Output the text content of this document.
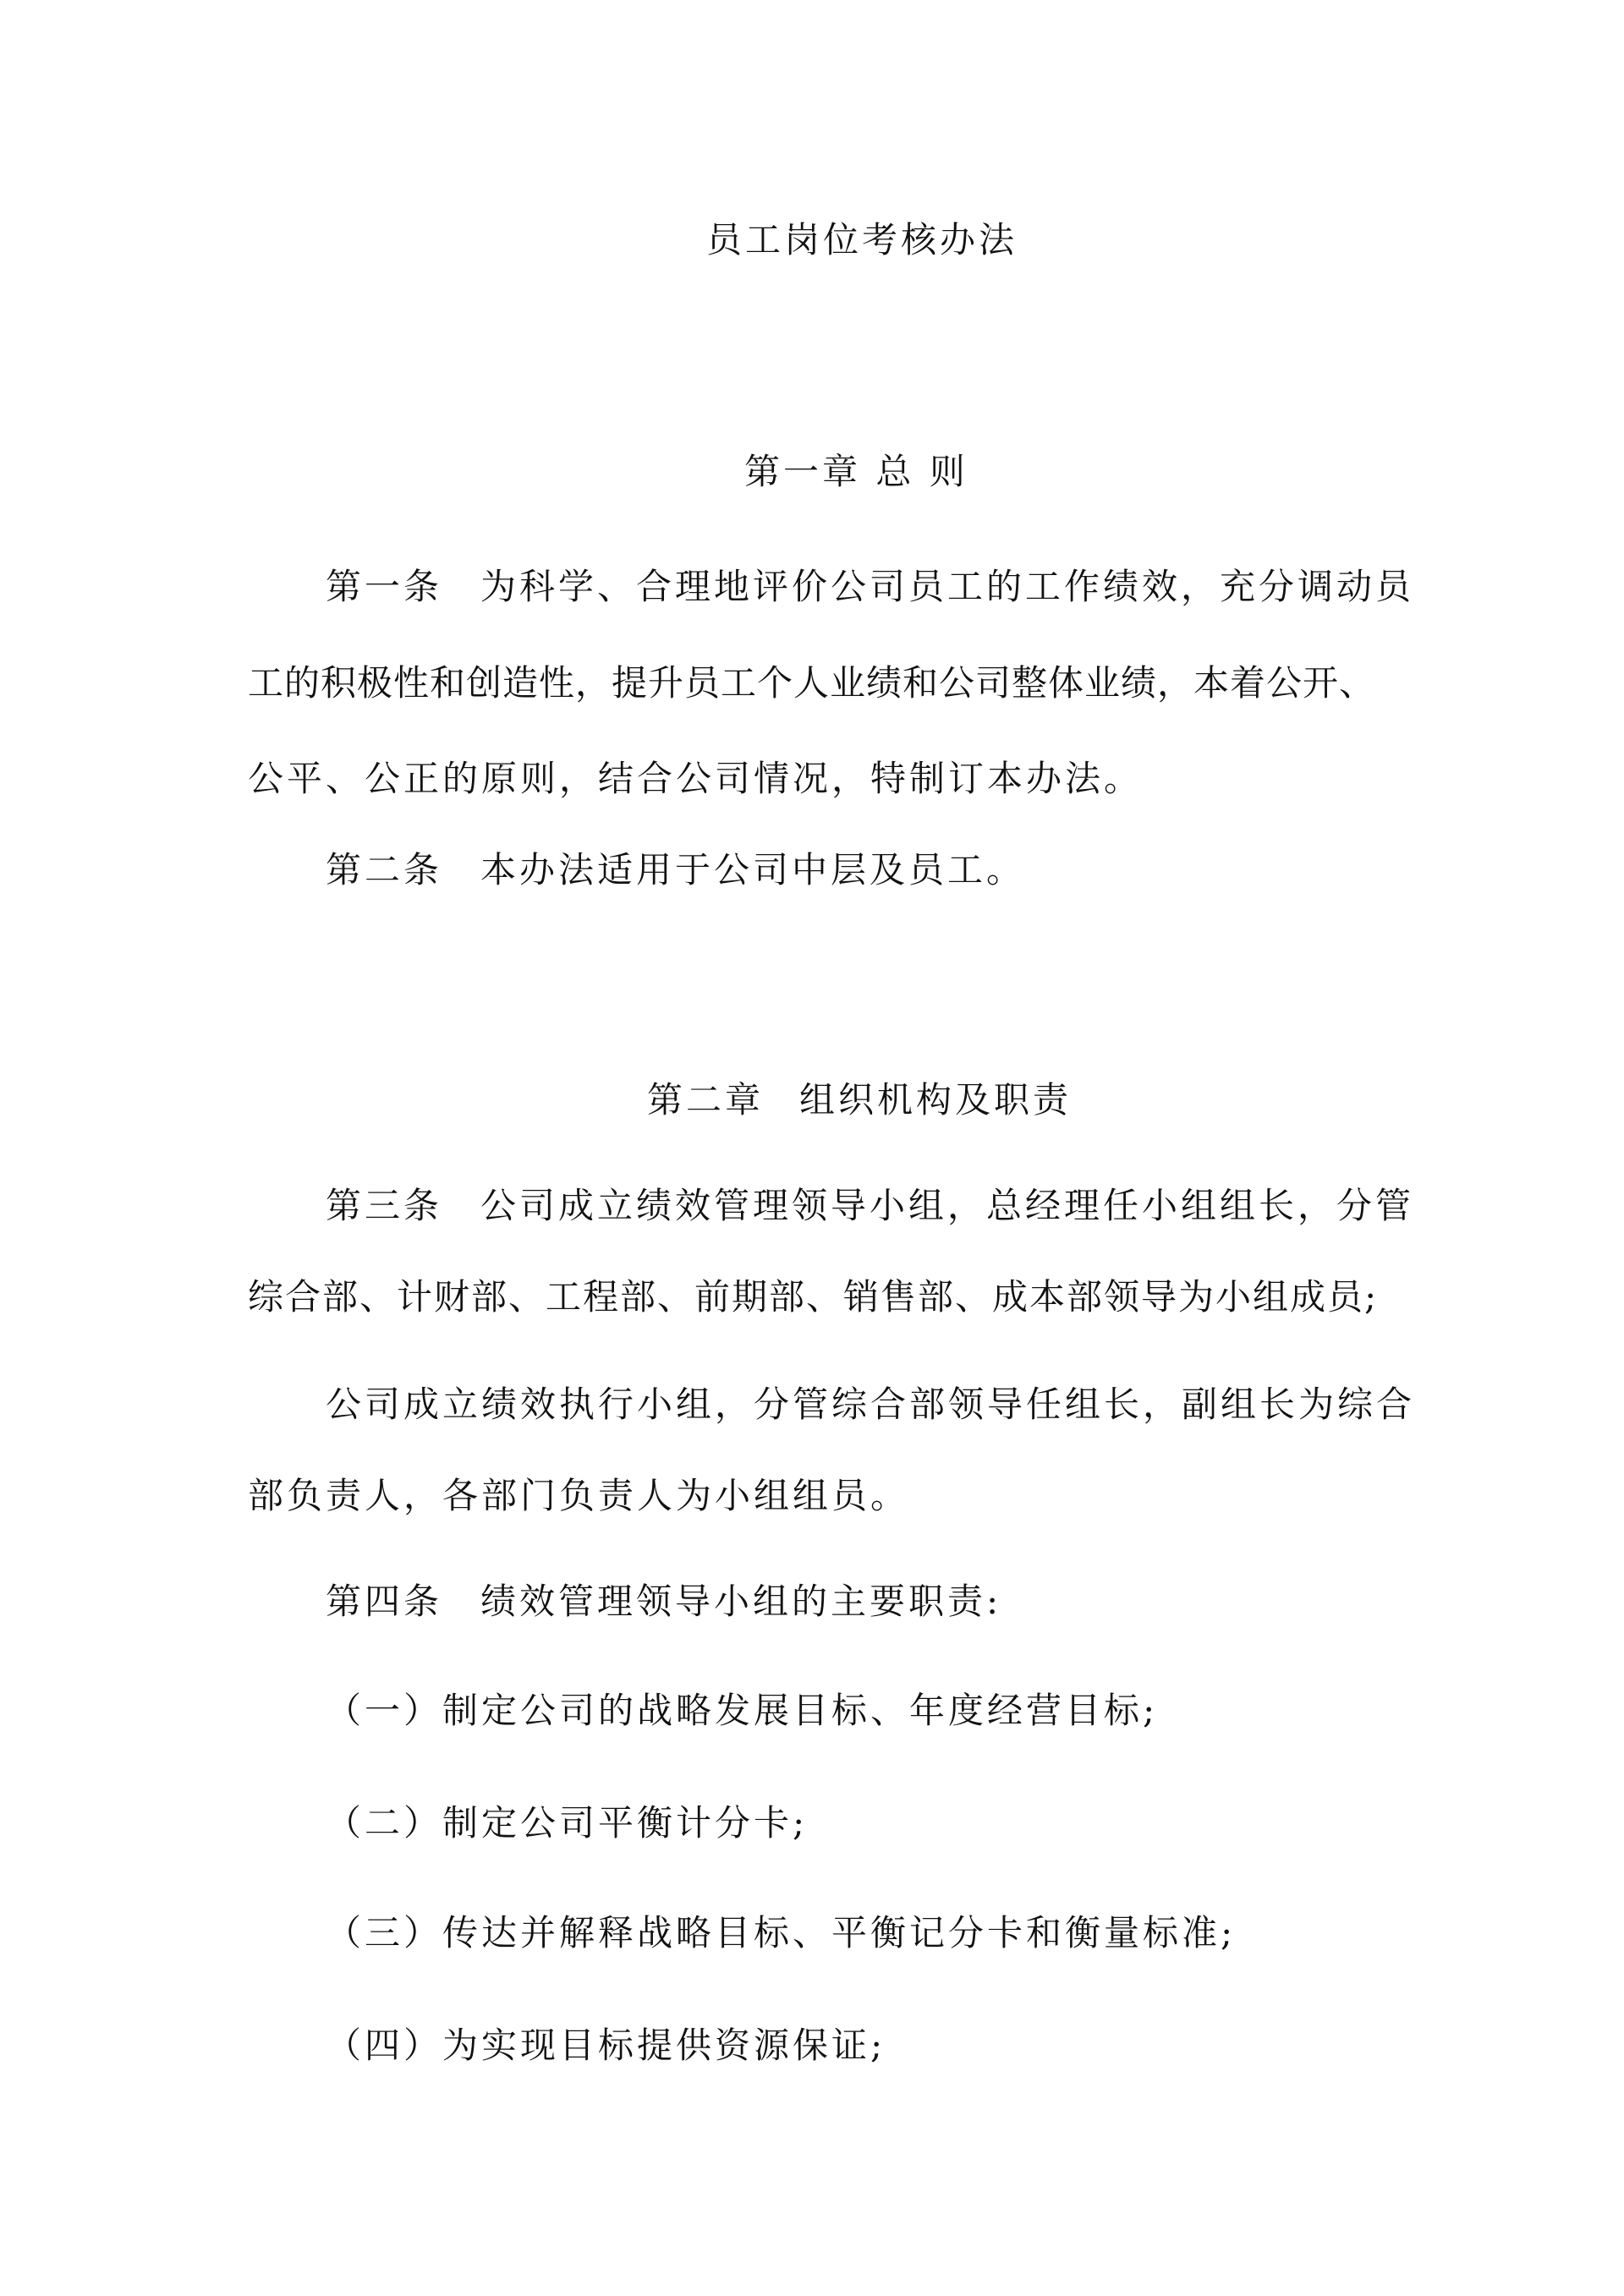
员工岗位考核办法
第一章 总 则
第一条 为科学、合理地评价公司员工的工作绩效，充分调动员
工的积极性和创造性，提升员工个人业绩和公司整体业绩，本着公开、
公平、公正的原则，结合公司情况，特制订本办法。
第二条 本办法适用于公司中层及员工。
第二章 组织机构及职责
第三条 公司成立绩效管理领导小组，总经理任小组组长，分管
综合部、计财部、工程部、前期部、销售部、成本部领导为小组成员;
公司成立绩效执行小组，分管综合部领导任组长，副组长为综合
部负责人，各部门负责人为小组组员。
第四条 绩效管理领导小组的主要职责:
（一）制定公司的战略发展目标、年度经营目标;
（二）制定公司平衡计分卡;
（三）传达并解释战略目标、平衡记分卡和衡量标准;
（四）为实现目标提供资源保证;
